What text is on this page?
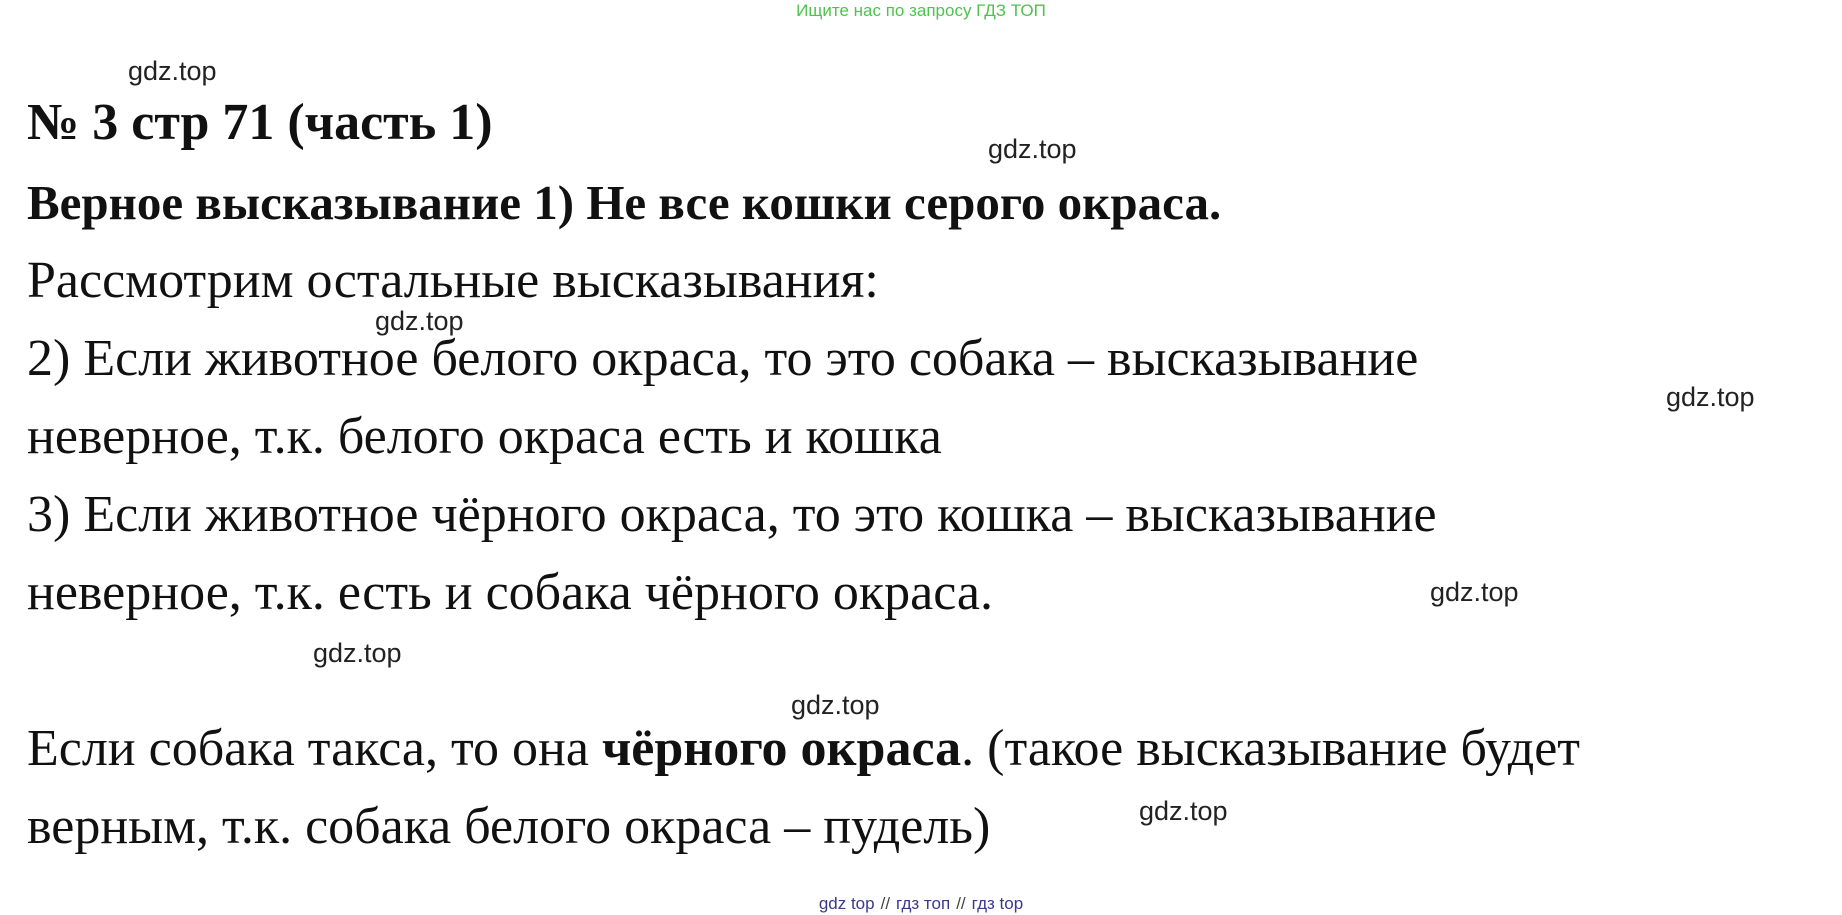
Ищите нас по запросу ГДЗ ТОП
gdz.top
gdz.top
gdz.top
gdz.top
gdz.top
gdz.top
gdz.top
gdz.top
№ 3 стр 71 (часть 1)
Верное высказывание 1) Не все кошки серого окраса.
Рассмотрим остальные высказывания:
2) Если животное белого окраса, то это собака – высказывание
неверное, т.к. белого окраса есть и кошка
3) Если животное чёрного окраса, то это кошка – высказывание
неверное, т.к. есть и собака чёрного окраса.
Если собака такса, то она чёрного окраса. (такое высказывание будет
верным, т.к. собака белого окраса – пудель)
gdz top // гдз топ // гдз top
